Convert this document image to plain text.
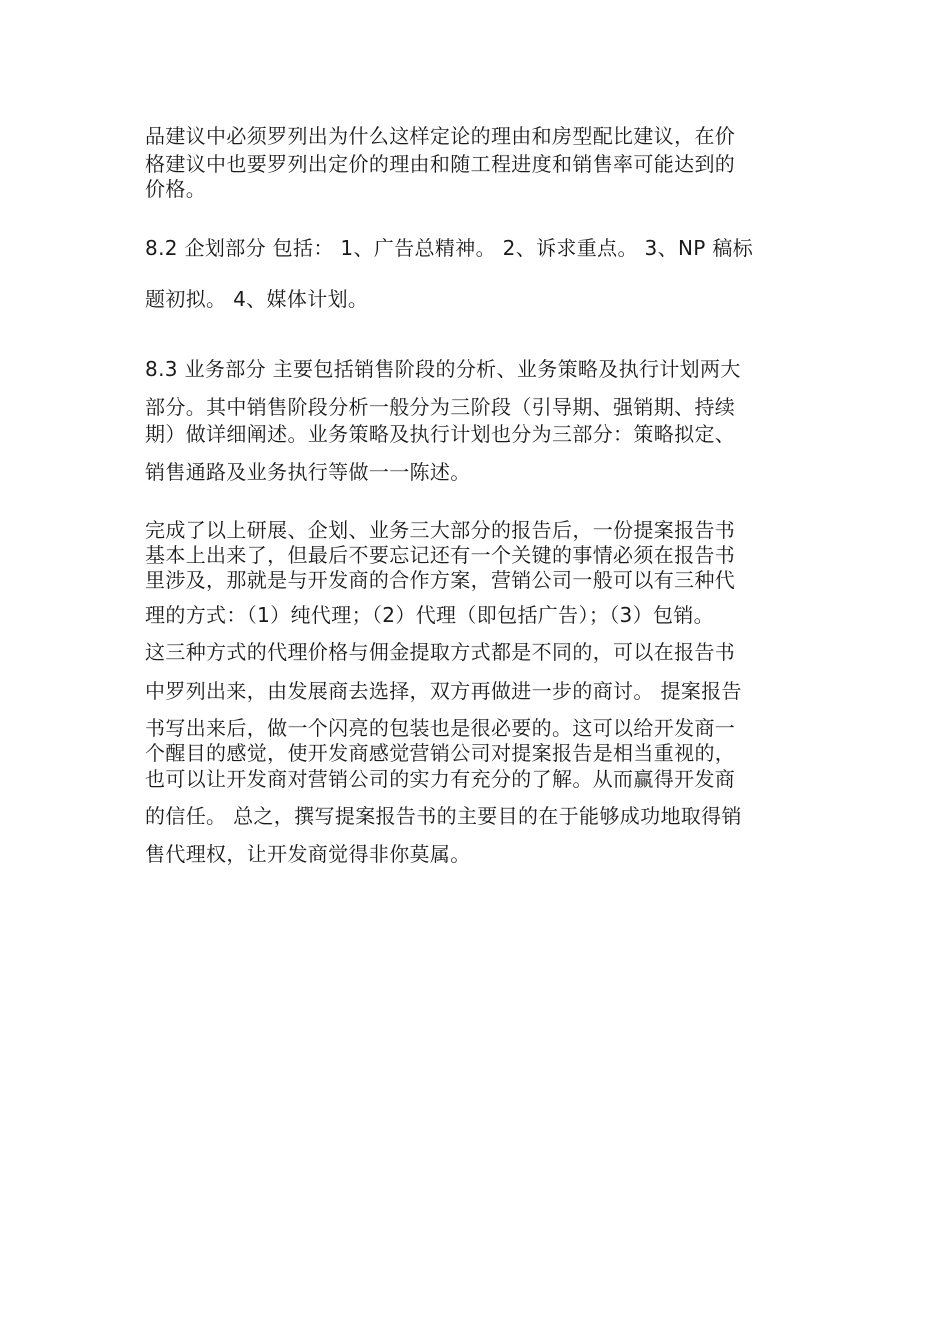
品建议中必须罗列出为什么这样定论的理由和房型配比建议，在价
格建议中也要罗列出定价的理由和随工程进度和销售率可能达到的
价格。
8.2 企划部分 包括： 1、广告总精神。 2、诉求重点。 3、NP 稿标
题初拟。 4、媒体计划。
8.3 业务部分 主要包括销售阶段的分析、业务策略及执行计划两大
部分。其中销售阶段分析一般分为三阶段（引导期、强销期、持续
期）做详细阐述。业务策略及执行计划也分为三部分：策略拟定、
销售通路及业务执行等做一一陈述。
完成了以上研展、企划、业务三大部分的报告后，一份提案报告书
基本上出来了，但最后不要忘记还有一个关键的事情必须在报告书
里涉及，那就是与开发商的合作方案，营销公司一般可以有三种代
理的方式：（1）纯代理；（2）代理（即包括广告）；（3）包销。
这三种方式的代理价格与佣金提取方式都是不同的，可以在报告书
中罗列出来，由发展商去选择，双方再做进一步的商讨。 提案报告
书写出来后，做一个闪亮的包装也是很必要的。这可以给开发商一
个醒目的感觉，使开发商感觉营销公司对提案报告是相当重视的，
也可以让开发商对营销公司的实力有充分的了解。从而赢得开发商
的信任。 总之，撰写提案报告书的主要目的在于能够成功地取得销
售代理权，让开发商觉得非你莫属。
